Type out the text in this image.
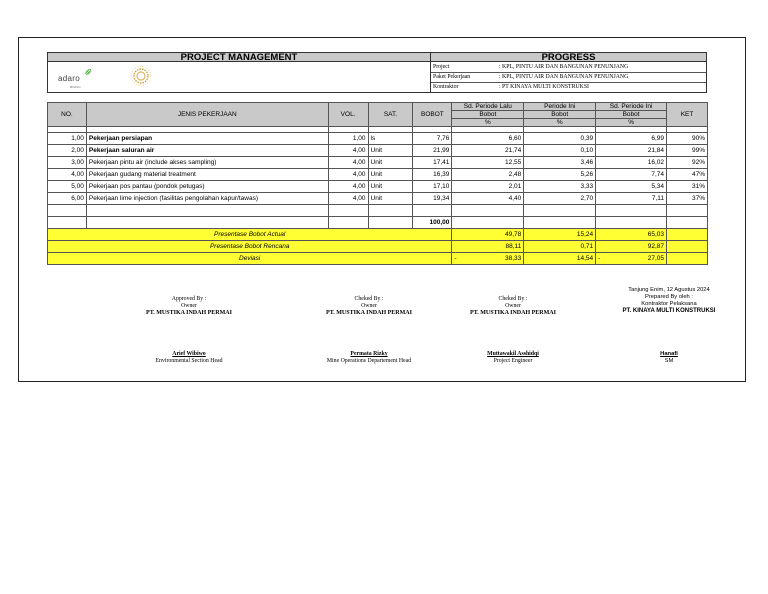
PROJECT MANAGEMENT	PROGRESS
adaro
MINING
Project	: KPL, PINTU AIR DAN BANGUNAN PENUNJANG
Paket Pekerjaan	: KPL, PINTU AIR DAN BANGUNAN PENUNJANG
Kontraktor	: PT KINAYA MULTI KONSTRUKSI
NO.	JENIS PEKERJAAN	VOL.	SAT.	BOBOT	Sd. Periode Lalu	Periode Ini	Sd. Periode Ini	KET
					Bobot	Bobot	Bobot	
					%	%	%	

1,00	Pekerjaan persiapan	1,00	ls	7,76	6,60	0,39	6,99	90%
2,00	Pekerjaan saluran air	4,00	Unit	21,99	21,74	0,10	21,84	99%
3,00	Pekerjaan pintu air (include akses sampling)	4,00	Unit	17,41	12,55	3,46	16,02	92%
4,00	Pekerjaan gudang material treatment	4,00	Unit	16,39	2,48	5,26	7,74	47%
5,00	Pekerjaan pos pantau (pondok petugas)	4,00	Unit	17,10	2,01	3,33	5,34	31%
6,00	Pekerjaan lime injection (fasilitas pengolahan kapur/tawas)	4,00	Unit	19,34	4,40	2,70	7,11	37%

				100,00				
Presentase Bobot Actual					49,78	15,24	65,03	
Presentase Bobot Rencana					88,11	0,71	92,87	
Deviasi					- 38,33	14,54	- 27,05	
Approved By :
Owner
PT. MUSTIKA INDAH PERMAI
Cheked By :
Owner
PT. MUSTIKA INDAH PERMAI
Cheked By :
Owner
PT. MUSTIKA INDAH PERMAI
Tanjung Enim, 12 Agustus 2024
Prepared By oleh :
Kontraktor Pelaksana
PT. KINAYA MULTI KONSTRUKSI
Arief Wibiwo
Environmental Section Head
Permata Rizky
Mine Operations Departement Head
Muttawakil Asshidqi
Project Engineer
Hanafi
SM
